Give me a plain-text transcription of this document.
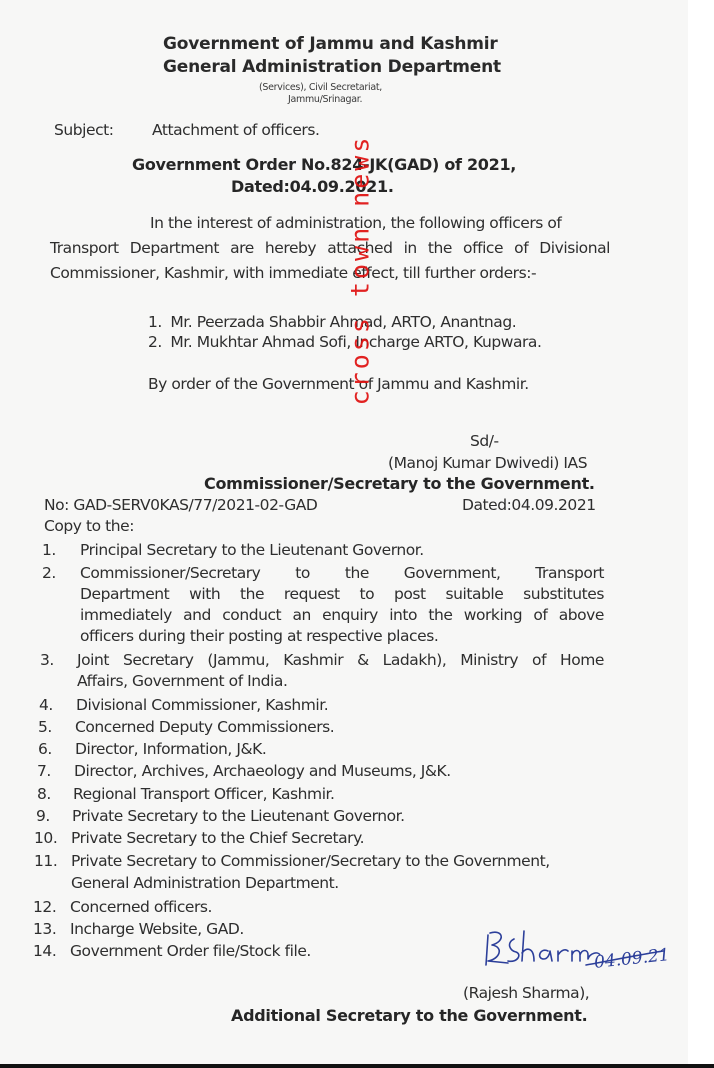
Government of Jammu and Kashmir
General Administration Department
(Services), Civil Secretariat,
Jammu/Srinagar.
Subject: Attachment of officers.
Government Order No.824-JK(GAD) of 2021,
Dated:04.09.2021.
In the interest of administration, the following officers of
Transport Department are hereby attached in the office of Divisional
Commissioner, Kashmir, with immediate effect, till further orders:-
1. Mr. Peerzada Shabbir Ahmad, ARTO, Anantnag.
2. Mr. Mukhtar Ahmad Sofi, Incharge ARTO, Kupwara.
By order of the Government of Jammu and Kashmir.
Sd/-
(Manoj Kumar Dwivedi) IAS
Commissioner/Secretary to the Government.
No: GAD-SERV0KAS/77/2021-02-GAD	Dated:04.09.2021
Copy to the:
1. Principal Secretary to the Lieutenant Governor.
2. Commissioner/Secretary to the Government, Transport
Department with the request to post suitable substitutes
immediately and conduct an enquiry into the working of above
officers during their posting at respective places.
3. Joint Secretary (Jammu, Kashmir & Ladakh), Ministry of Home
Affairs, Government of India.
4. Divisional Commissioner, Kashmir.
5. Concerned Deputy Commissioners.
6. Director, Information, J&K.
7. Director, Archives, Archaeology and Museums, J&K.
8. Regional Transport Officer, Kashmir.
9. Private Secretary to the Lieutenant Governor.
10. Private Secretary to the Chief Secretary.
11. Private Secretary to Commissioner/Secretary to the Government,
General Administration Department.
12. Concerned officers.
13. Incharge Website, GAD.
14. Government Order file/Stock file.	04.09.21
(Rajesh Sharma),
Additional Secretary to the Government.
cross town news
